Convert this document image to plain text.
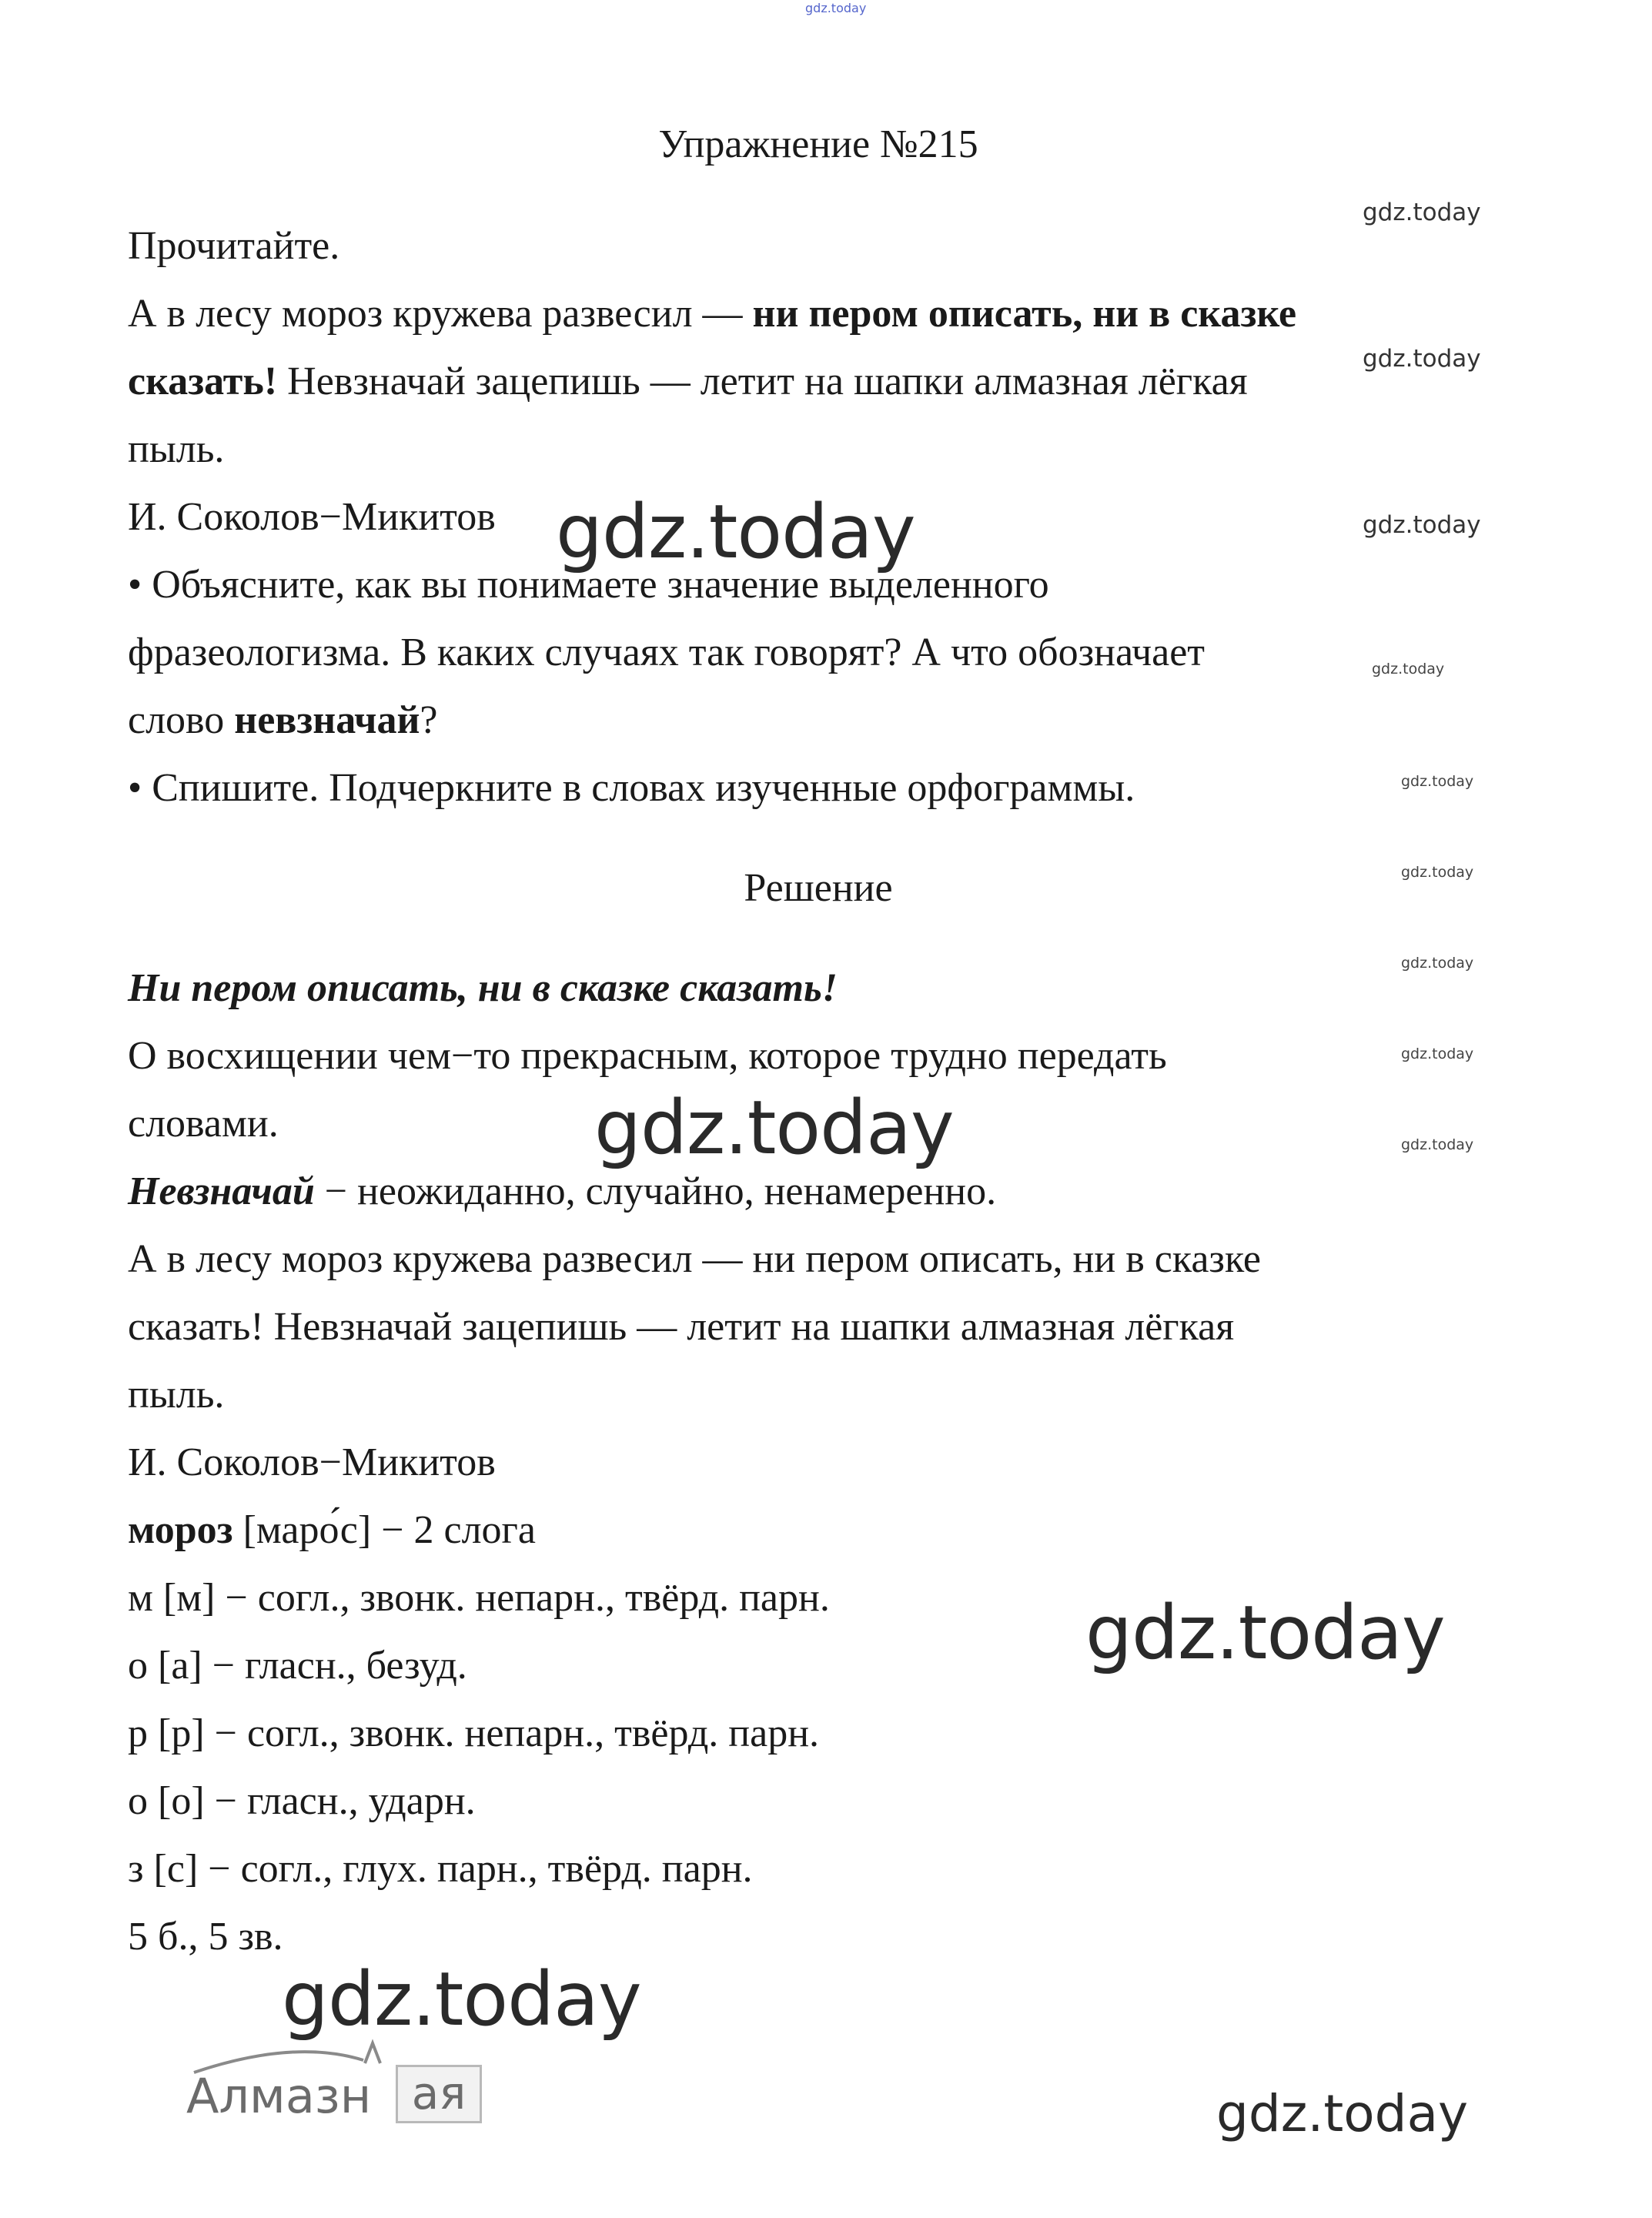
gdz.today
Упражнение №215
Прочитайте.
А в лесу мороз кружева развесил — ни пером описать, ни в сказке
сказать! Невзначай зацепишь — летит на шапки алмазная лёгкая
пыль.
И. Соколов−Микитов
• Объясните, как вы понимаете значение выделенного
фразеологизма. В каких случаях так говорят? А что обозначает
слово невзначай?
• Спишите. Подчеркните в словах изученные орфограммы.
Решение
Ни пером описать, ни в сказке сказать!
О восхищении чем−то прекрасным, которое трудно передать
словами.
Невзначай − неожиданно, случайно, ненамеренно.
А в лесу мороз кружева развесил — ни пером описать, ни в сказке
сказать! Невзначай зацепишь — летит на шапки алмазная лёгкая
пыль.
И. Соколов−Микитов
мороз [маро́с] − 2 слога
м [м] − согл., звонк. непарн., твёрд. парн.
о [а] − гласн., безуд.
р [р] − согл., звонк. непарн., твёрд. парн.
о [о] − гласн., ударн.
з [с] − согл., глух. парн., твёрд. парн.
5 б., 5 зв.
Алмазн ая
gdz.today
gdz.today
gdz.today
gdz.today
gdz.today
gdz.today
gdz.today
gdz.today
gdz.today
gdz.today
gdz.today
gdz.today
gdz.today
gdz.today
